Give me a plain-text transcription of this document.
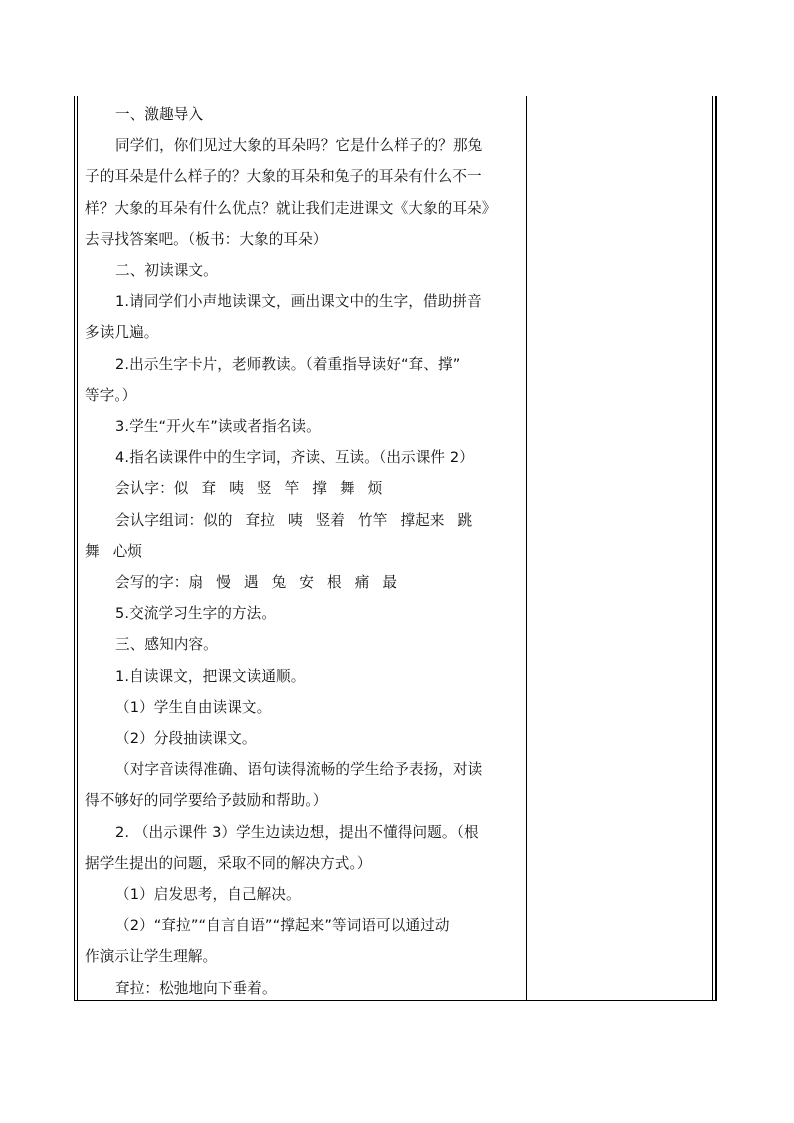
一、激趣导入

同学们，你们见过大象的耳朵吗？它是什么样子的？那兔

子的耳朵是什么样子的？大象的耳朵和兔子的耳朵有什么不一

样？大象的耳朵有什么优点？就让我们走进课文《大象的耳朵》

去寻找答案吧。（板书：大象的耳朵）

二、初读课文。

1.请同学们小声地读课文，画出课文中的生字，借助拼音

多读几遍。

2.出示生字卡片，老师教读。（着重指导读好“耷、撑”

等字。）

3.学生“开火车”读或者指名读。

4.指名读课件中的生字词，齐读、互读。（出示课件 2）

会认字：似 耷 咦 竖 竿 撑 舞 烦

会认字组词：似的 耷拉 咦 竖着 竹竿 撑起来 跳

舞 心烦

会写的字：扇 慢 遇 兔 安 根 痛 最

5.交流学习生字的方法。

三、感知内容。

1.自读课文，把课文读通顺。

（1）学生自由读课文。

（2）分段抽读课文。

（对字音读得准确、语句读得流畅的学生给予表扬，对读

得不够好的同学要给予鼓励和帮助。）

2. （出示课件 3）学生边读边想，提出不懂得问题。（根

据学生提出的问题，采取不同的解决方式。）

（1）启发思考，自己解决。

（2）“耷拉”“自言自语”“撑起来”等词语可以通过动

作演示让学生理解。

耷拉：松弛地向下垂着。
